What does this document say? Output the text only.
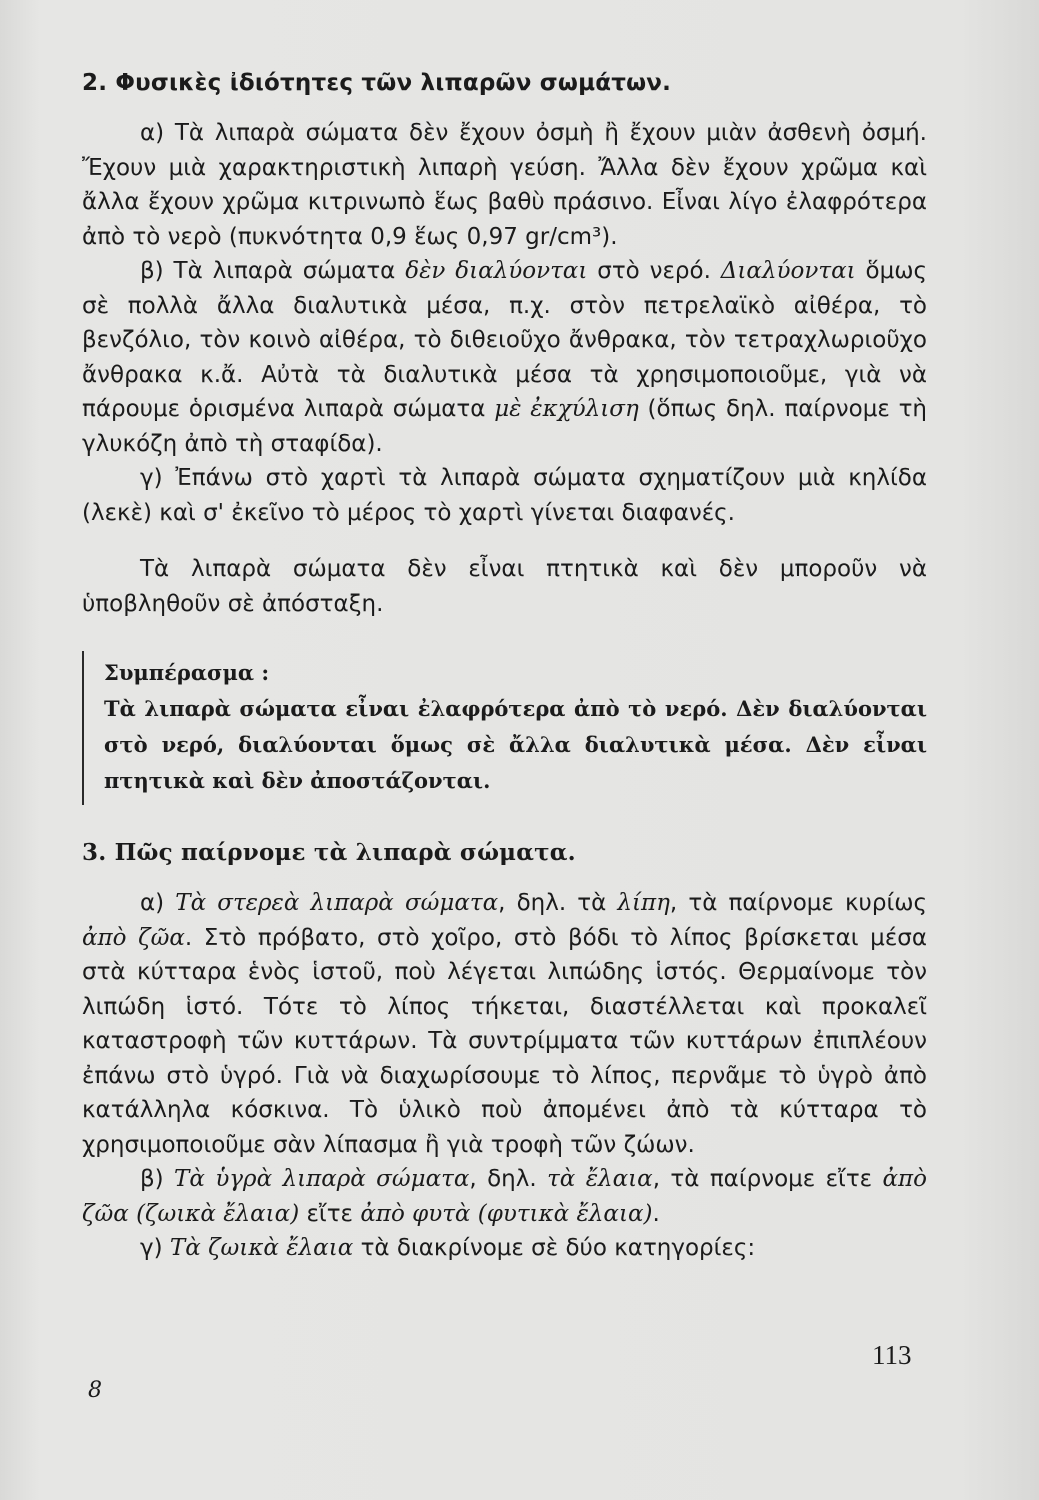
2. Φυσικὲς ἰδιότητες τῶν λιπαρῶν σωμάτων.

α) Τὰ λιπαρὰ σώματα δὲν ἔχουν ὀσμὴ ἢ ἔχουν μιὰν ἀσθενὴ ὀσμή. Ἔχουν μιὰ χαρακτηριστικὴ λιπαρὴ γεύση. Ἄλλα δὲν ἔχουν χρῶμα καὶ ἄλλα ἔχουν χρῶμα κιτρινωπὸ ἕως βαθὺ πράσινο. Εἶναι λίγο ἐλαφρότερα ἀπὸ τὸ νερὸ (πυκνότητα 0,9 ἕως 0,97 gr/cm³).

β) Τὰ λιπαρὰ σώματα δὲν διαλύονται στὸ νερό. Διαλύονται ὅμως σὲ πολλὰ ἄλλα διαλυτικὰ μέσα, π.χ. στὸν πετρελαϊκὸ αἰθέρα, τὸ βενζόλιο, τὸν κοινὸ αἰθέρα, τὸ διθειοῦχο ἄνθρακα, τὸν τετραχλωριοῦχο ἄνθρακα κ.ἄ. Αὐτὰ τὰ διαλυτικὰ μέσα τὰ χρησιμοποιοῦμε, γιὰ νὰ πάρουμε ὁρισμένα λιπαρὰ σώματα μὲ ἐκχύλιση (ὅπως δηλ. παίρνομε τὴ γλυκόζη ἀπὸ τὴ σταφίδα).

γ) Ἐπάνω στὸ χαρτὶ τὰ λιπαρὰ σώματα σχηματίζουν μιὰ κηλίδα (λεκὲ) καὶ σ' ἐκεῖνο τὸ μέρος τὸ χαρτὶ γίνεται διαφανές.

Τὰ λιπαρὰ σώματα δὲν εἶναι πτητικὰ καὶ δὲν μποροῦν νὰ ὑποβληθοῦν σὲ ἀπόσταξη.

Συμπέρασμα :
Τὰ λιπαρὰ σώματα εἶναι ἐλαφρότερα ἀπὸ τὸ νερό. Δὲν διαλύονται στὸ νερό, διαλύονται ὅμως σὲ ἄλλα διαλυτικὰ μέσα. Δὲν εἶναι πτητικὰ καὶ δὲν ἀποστάζονται.
3. Πῶς παίρνομε τὰ λιπαρὰ σώματα.

α) Τὰ στερεὰ λιπαρὰ σώματα, δηλ. τὰ λίπη, τὰ παίρνομε κυρίως ἀπὸ ζῶα. Στὸ πρόβατο, στὸ χοῖρο, στὸ βόδι τὸ λίπος βρίσκεται μέσα στὰ κύτταρα ἑνὸς ἱστοῦ, ποὺ λέγεται λιπώδης ἱστός. Θερμαίνομε τὸν λιπώδη ἱστό. Τότε τὸ λίπος τήκεται, διαστέλλεται καὶ προκαλεῖ καταστροφὴ τῶν κυττάρων. Τὰ συντρίμματα τῶν κυττάρων ἐπιπλέουν ἐπάνω στὸ ὑγρό. Γιὰ νὰ διαχωρίσουμε τὸ λίπος, περνᾶμε τὸ ὑγρὸ ἀπὸ κατάλληλα κόσκινα. Τὸ ὑλικὸ ποὺ ἀπομένει ἀπὸ τὰ κύτταρα τὸ χρησιμοποιοῦμε σὰν λίπασμα ἢ γιὰ τροφὴ τῶν ζώων.

β) Τὰ ὑγρὰ λιπαρὰ σώματα, δηλ. τὰ ἔλαια, τὰ παίρνομε εἴτε ἀπὸ ζῶα (ζωικὰ ἔλαια) εἴτε ἀπὸ φυτὰ (φυτικὰ ἔλαια).

γ) Τὰ ζωικὰ ἔλαια τὰ διακρίνομε σὲ δύο κατηγορίες:

113
8
